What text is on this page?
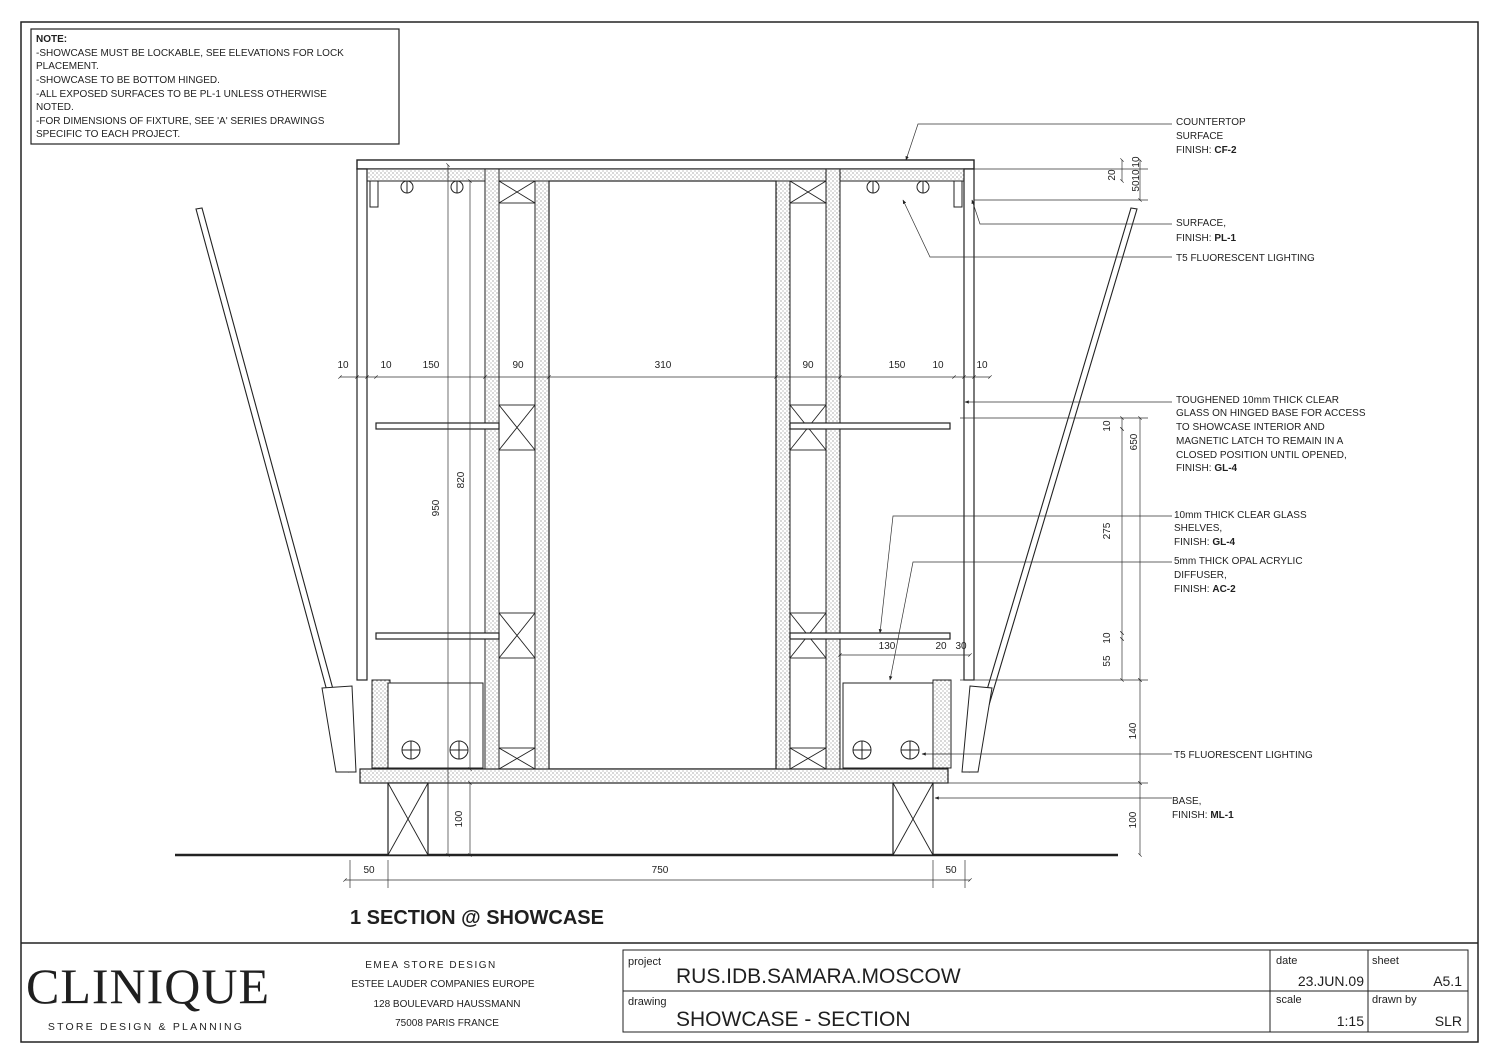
NOTE:
-SHOWCASE MUST BE LOCKABLE, SEE ELEVATIONS FOR LOCK
PLACEMENT.
-SHOWCASE TO BE BOTTOM HINGED.
-ALL EXPOSED SURFACES TO BE PL-1 UNLESS OTHERWISE
NOTED.
-FOR DIMENSIONS OF FIXTURE, SEE 'A' SERIES DRAWINGS
SPECIFIC TO EACH PROJECT.
10	10	150	90	310	90	150	10	10
950
820
100
10
10
20
50
650
275
10
10
55
140
100
130	20 30
50	750	50
COUNTERTOP
SURFACE
FINISH: CF-2
SURFACE,
FINISH: PL-1
T5 FLUORESCENT LIGHTING
TOUGHENED 10mm THICK CLEAR
GLASS ON HINGED BASE FOR ACCESS
TO SHOWCASE INTERIOR AND
MAGNETIC LATCH TO REMAIN IN A
CLOSED POSITION UNTIL OPENED,
FINISH: GL-4
10mm THICK CLEAR GLASS
SHELVES,
FINISH: GL-4
5mm THICK OPAL ACRYLIC
DIFFUSER,
FINISH: AC-2
T5 FLUORESCENT LIGHTING
BASE,
FINISH: ML-1
1 SECTION @ SHOWCASE
CLINIQUE
STORE DESIGN & PLANNING
EMEA STORE DESIGN
ESTEE LAUDER COMPANIES EUROPE
128 BOULEVARD HAUSSMANN
75008 PARIS FRANCE
project
RUS.IDB.SAMARA.MOSCOW
drawing
SHOWCASE - SECTION
date
23.JUN.09
sheet
A5.1
scale
1:15
drawn by
SLR
